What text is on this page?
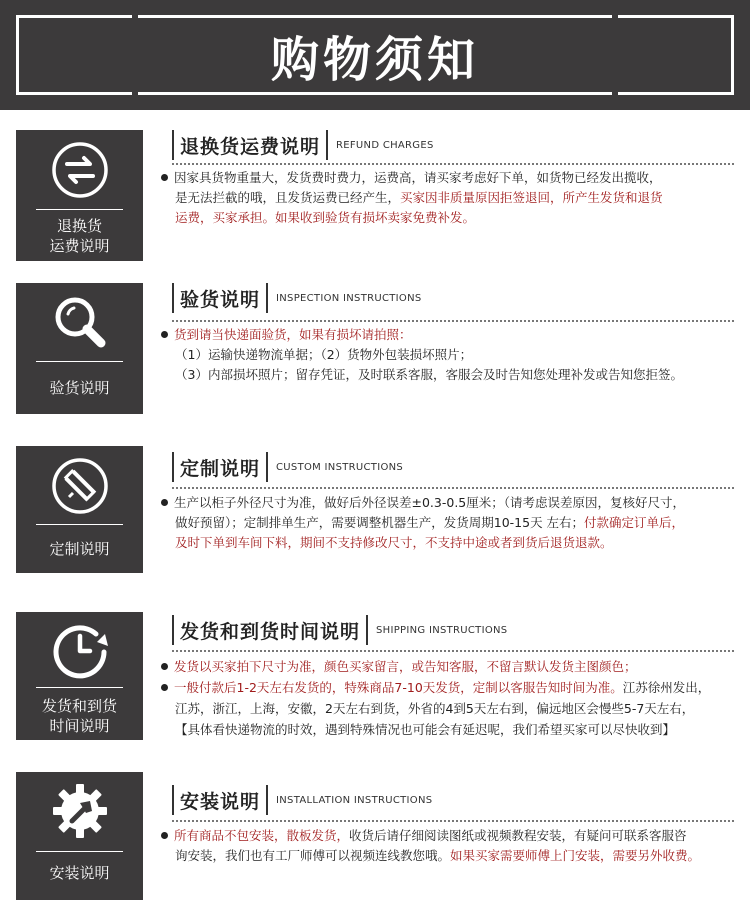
购物须知
退换货
运费说明
退换货运费说明	REFUND CHARGES
因家具货物重量大，发货费时费力，运费高，请买家考虑好下单，如货物已经发出揽收，
是无法拦截的哦，且发货运费已经产生，买家因非质量原因拒签退回，所产生发货和退货
运费，买家承担。如果收到验货有损坏卖家免费补发。
验货说明
验货说明	INSPECTION INSTRUCTIONS
货到请当快递面验货，如果有损坏请拍照：
（1）运输快递物流单据；（2）货物外包装损坏照片；
（3）内部损坏照片；留存凭证，及时联系客服，客服会及时告知您处理补发或告知您拒签。
定制说明
定制说明	CUSTOM INSTRUCTIONS
生产以柜子外径尺寸为准，做好后外径误差±0.3-0.5厘米；（请考虑误差原因，复核好尺寸，
做好预留）；定制排单生产，需要调整机器生产，发货周期10-15天 左右；付款确定订单后，
及时下单到车间下料，期间不支持修改尺寸，不支持中途或者到货后退货退款。
发货和到货
时间说明
发货和到货时间说明	SHIPPING INSTRUCTIONS
发货以买家拍下尺寸为准，颜色买家留言，或告知客服，不留言默认发货主图颜色；
一般付款后1-2天左右发货的，特殊商品7-10天发货，定制以客服告知时间为准。江苏徐州发出，
江苏，浙江，上海，安徽，2天左右到货，外省的4到5天左右到，偏远地区会慢些5-7天左右，
【具体看快递物流的时效，遇到特殊情况也可能会有延迟呢，我们希望买家可以尽快收到】
安装说明
安装说明	INSTALLATION INSTRUCTIONS
所有商品不包安装，散板发货，收货后请仔细阅读图纸或视频教程安装，有疑问可联系客服咨
询安装，我们也有工厂师傅可以视频连线教您哦。如果买家需要师傅上门安装，需要另外收费。
